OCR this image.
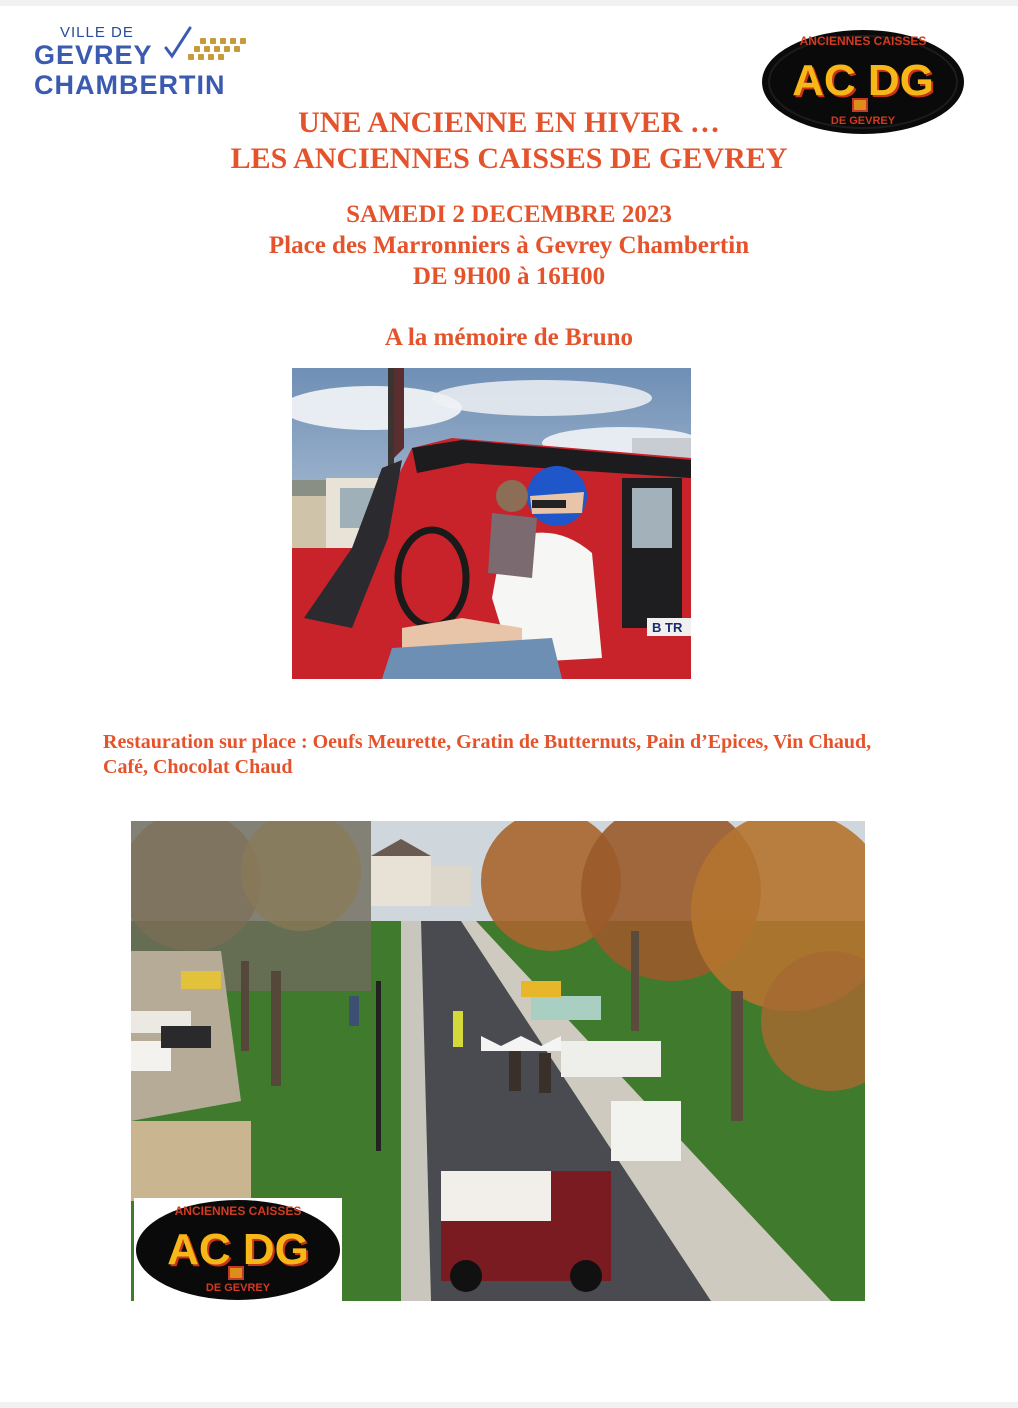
VILLE DE
GEVREY
CHAMBERTIN
ANCIENNES CAISSES
AC DG
DE GEVREY
UNE ANCIENNE EN HIVER …
LES ANCIENNES CAISSES DE GEVREY
SAMEDI 2 DECEMBRE 2023
Place des Marronniers à Gevrey Chambertin
DE 9H00 à 16H00
A la mémoire de Bruno
B TR
Restauration sur place : Oeufs Meurette, Gratin de Butternuts, Pain d’Epices, Vin Chaud, Café, Chocolat Chaud
ANCIENNES CAISSES
AC DG
DE GEVREY
